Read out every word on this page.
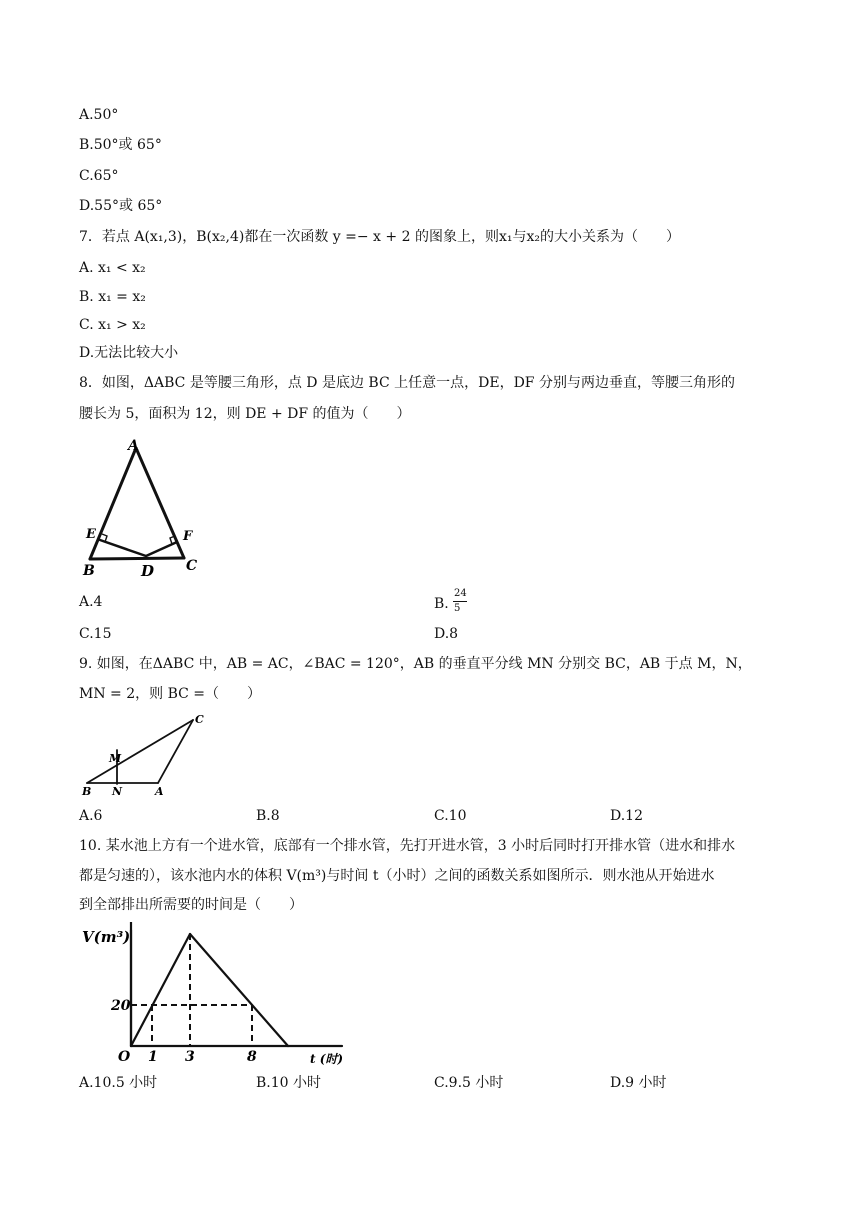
A.50°
B.50°或 65°
C.65°
D.55°或 65°
7．若点 A(x₁,3)，B(x₂,4)都在一次函数 y =− x + 2 的图象上，则x₁与x₂的大小关系为（　　）
A. x₁ < x₂
B. x₁ = x₂
C. x₁ > x₂
D.无法比较大小
8．如图，ΔABC 是等腰三角形，点 D 是底边 BC 上任意一点，DE，DF 分别与两边垂直，等腰三角形的
腰长为 5，面积为 12，则 DE + DF 的值为（　　）
A
E	F
B	D C
A.4	B.
24
5
C.15	D.8
9. 如图，在ΔABC 中，AB = AC，∠BAC = 120°，AB 的垂直平分线 MN 分别交 BC，AB 于点 M，N，
MN = 2，则 BC =（　　）
C
M
B N	A
A.6	B.8	C.10	D.12
10. 某水池上方有一个进水管，底部有一个排水管，先打开进水管，3 小时后同时打开排水管（进水和排水
都是匀速的），该水池内水的体积 V(m³)与时间 t（小时）之间的函数关系如图所示．则水池从开始进水
到全部排出所需要的时间是（　　）
V(m³)
20
O 1 3	8	t (时)
A.10.5 小时	B.10 小时	C.9.5 小时	D.9 小时
